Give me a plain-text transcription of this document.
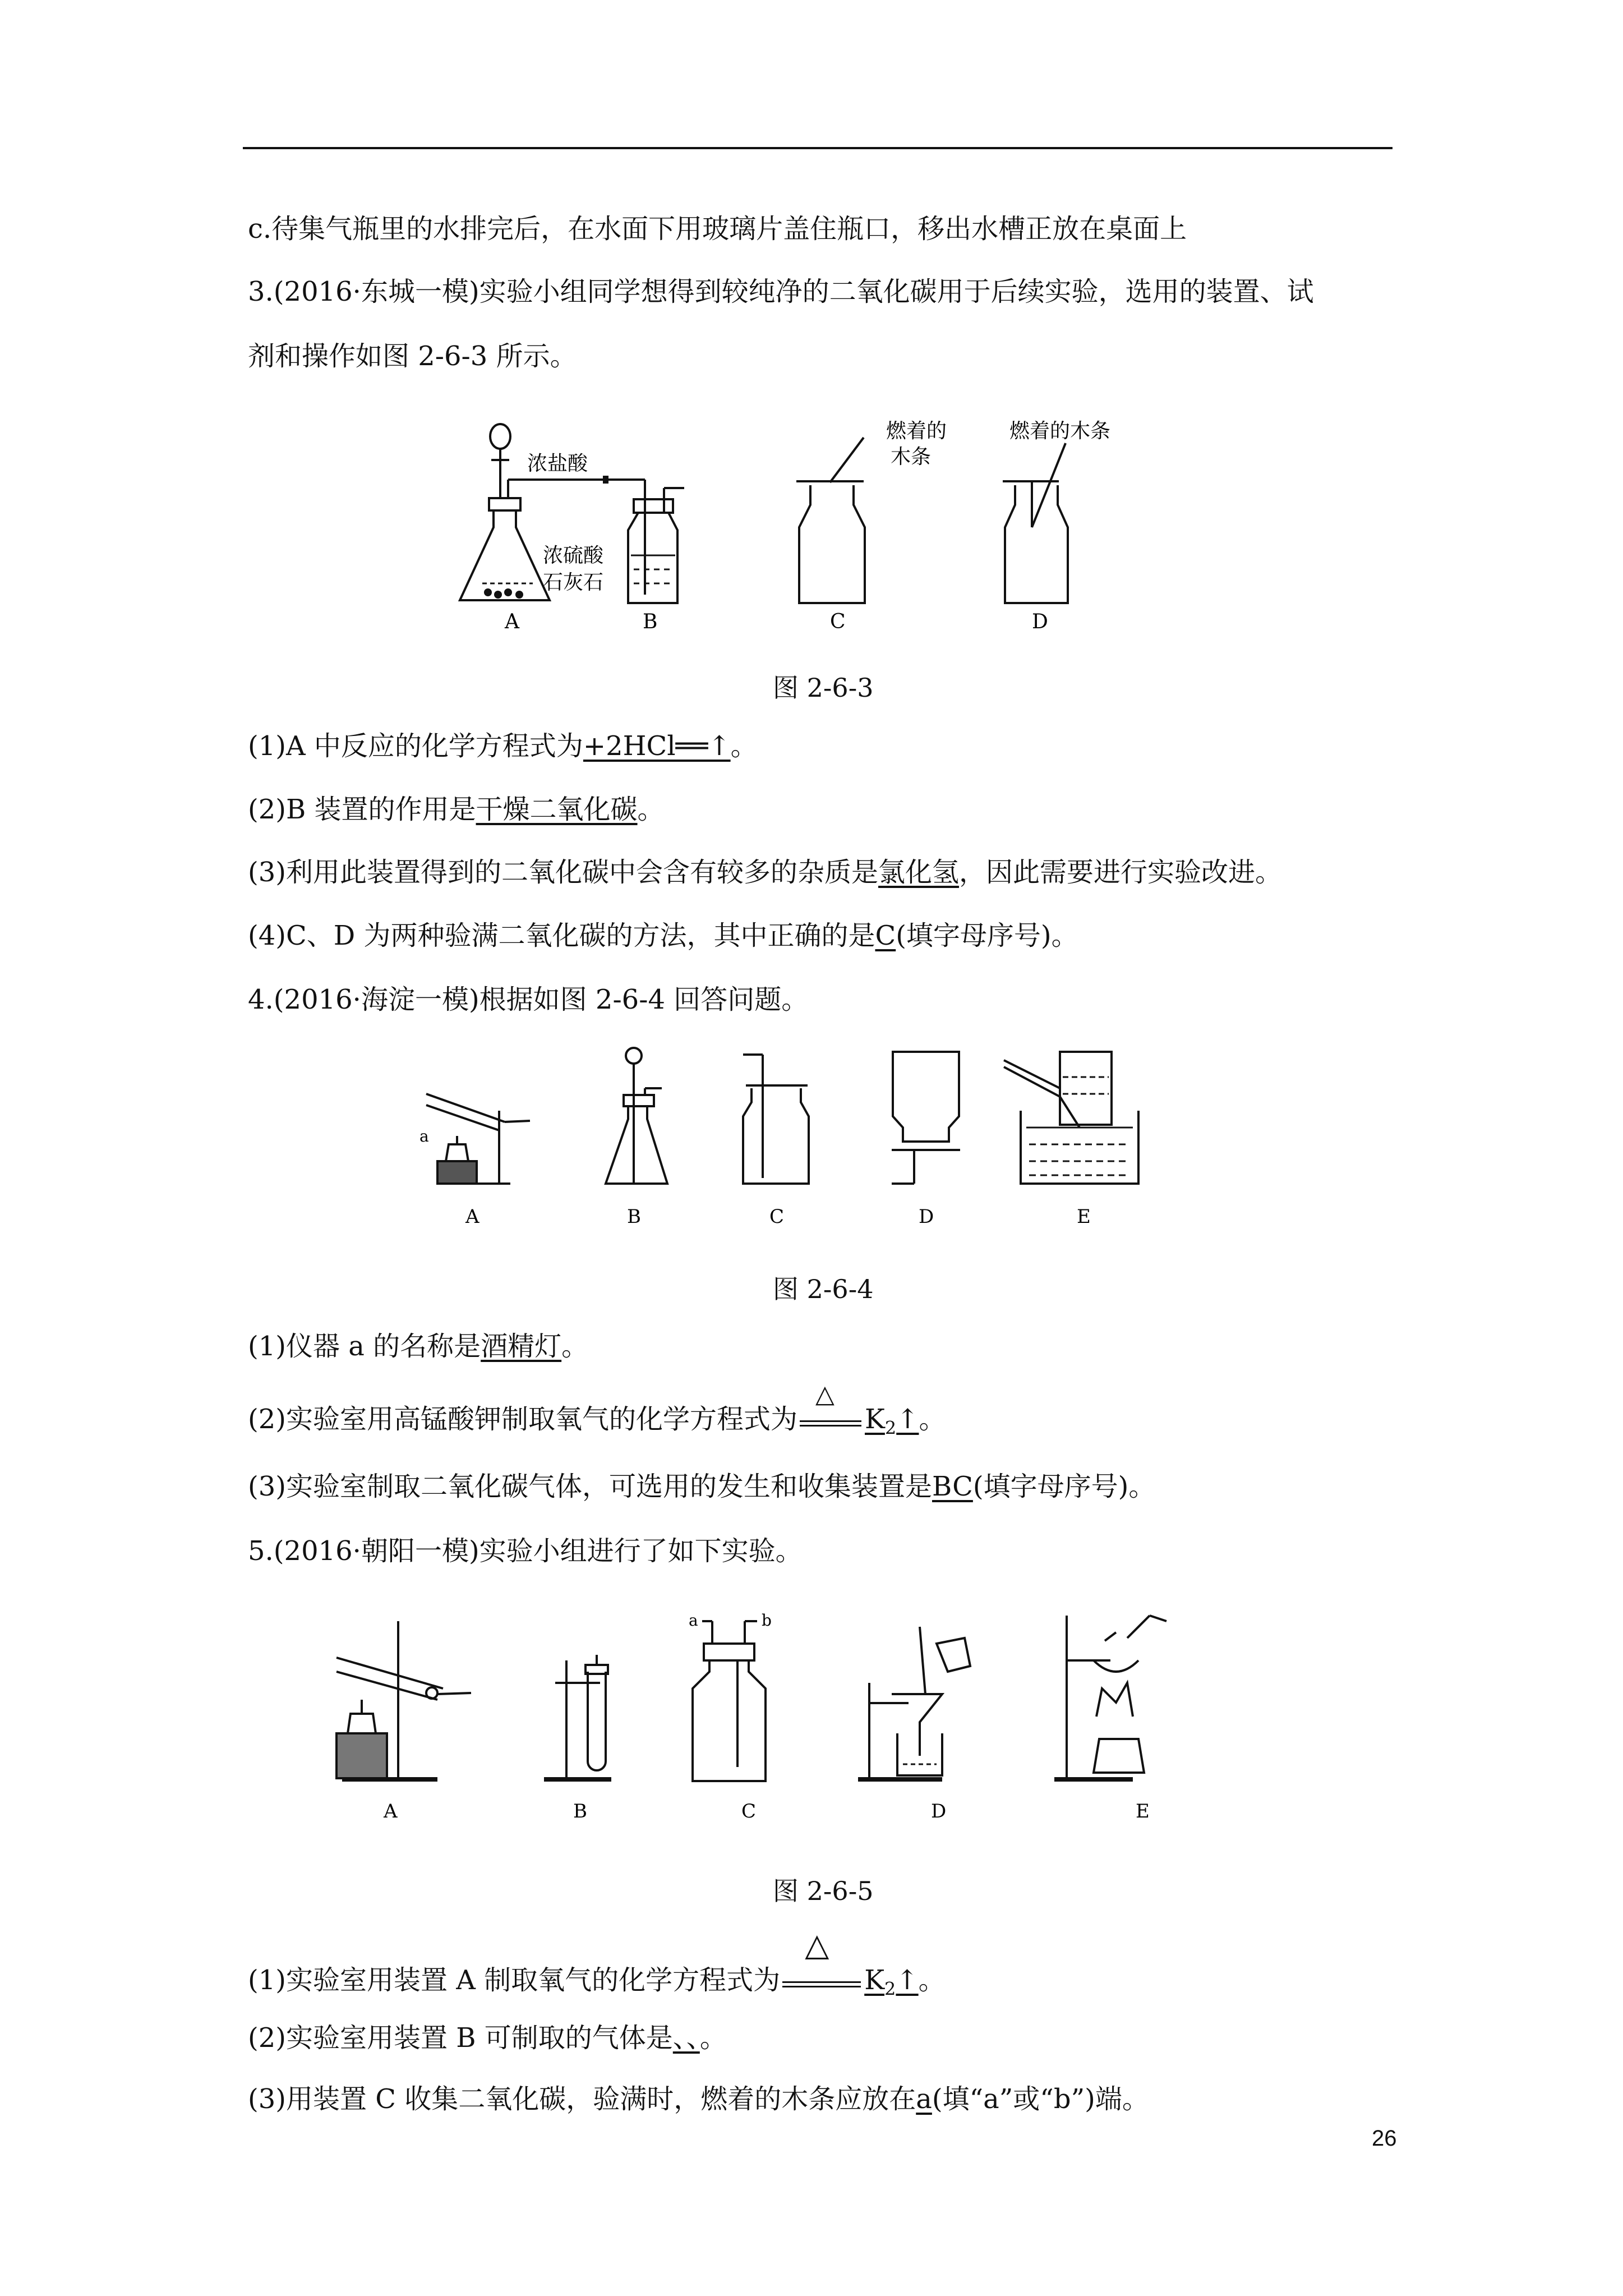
c.待集气瓶里的水排完后，在水面下用玻璃片盖住瓶口，移出水槽正放在桌面上
3.(2016·东城一模)实验小组同学想得到较纯净的二氧化碳用于后续实验，选用的装置、试
剂和操作如图 2-6-3 所示。
浓盐酸
浓硫酸
石灰石
燃着的
木条
燃着的木条
A	B	C	D
图 2-6-3
(1)A 中反应的化学方程式为+2HCl══↑。
(2)B 装置的作用是干燥二氧化碳。
(3)利用此装置得到的二氧化碳中会含有较多的杂质是氯化氢，因此需要进行实验改进。
(4)C、D 为两种验满二氧化碳的方法，其中正确的是C(填字母序号)。
4.(2016·海淀一模)根据如图 2-6-4 回答问题。
a
A	B	C	D	E
图 2-6-4
(1)仪器 a 的名称是酒精灯。
(2)实验室用高锰酸钾制取氧气的化学方程式为
△
$K_2↑$。
(3)实验室制取二氧化碳气体，可选用的发生和收集装置是BC(填字母序号)。
5.(2016·朝阳一模)实验小组进行了如下实验。
a	b
A	B	C	D	E
图 2-6-5
(1)实验室用装置 A 制取氧气的化学方程式为
△
$K_2↑$。
(2)实验室用装置 B 可制取的气体是、、。
(3)用装置 C 收集二氧化碳，验满时，燃着的木条应放在a(填“a”或“b”)端。
26
